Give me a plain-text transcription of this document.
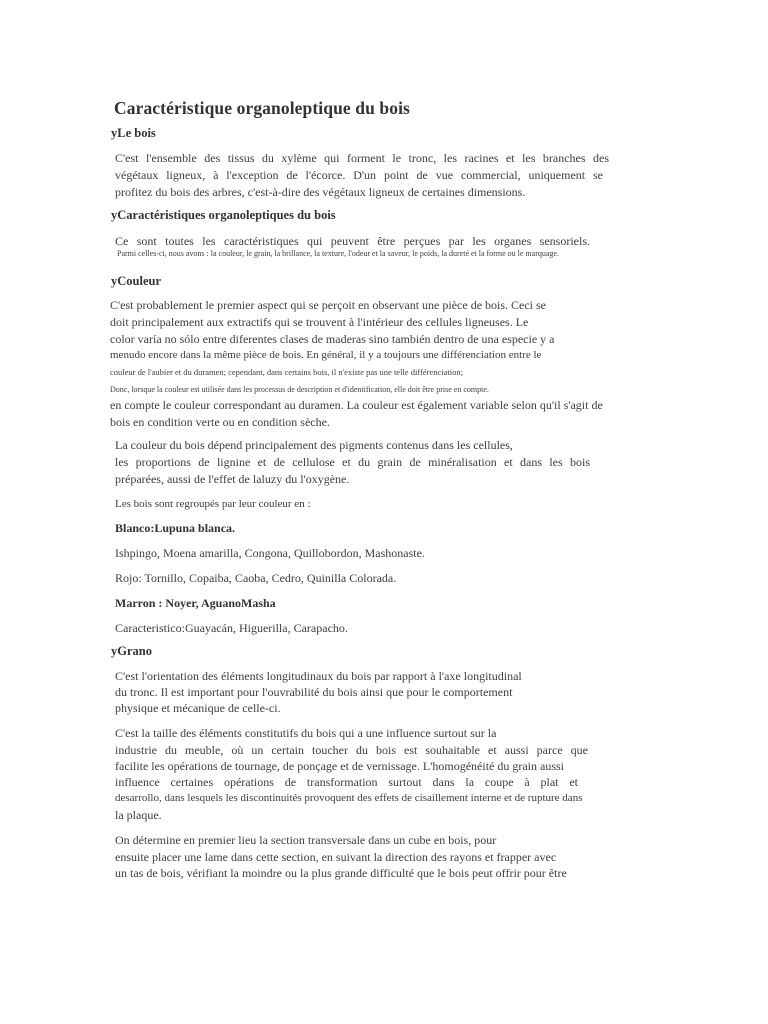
Caractéristique organoleptique du bois
yLe bois
C'est l'ensemble des tissus du xylème qui forment le tronc, les racines et les branches des
végétaux ligneux, à l'exception de l'écorce. D'un point de vue commercial, uniquement se
profitez du bois des arbres, c'est-à-dire des végétaux ligneux de certaines dimensions.
yCaractéristiques organoleptiques du bois
Ce sont toutes les caractéristiques qui peuvent être perçues par les organes sensoriels.
Parmi celles-ci, nous avons : la couleur, le grain, la brillance, la texture, l'odeur et la saveur, le poids, la dureté et la forme ou le marquage.
yCouleur
C'est probablement le premier aspect qui se perçoit en observant une pièce de bois. Ceci se
doit principalement aux extractifs qui se trouvent à l'intérieur des cellules ligneuses. Le
color varía no sólo entre diferentes clases de maderas sino también dentro de una especie y a
menudo encore dans la même pièce de bois. En général, il y a toujours une différenciation entre le
couleur de l'aubier et du duramen; cependant, dans certains bois, il n'existe pas une telle différenciation;
Donc, lorsque la couleur est utilisée dans les processus de description et d'identification, elle doit être prise en compte.
en compte le couleur correspondant au duramen. La couleur est également variable selon qu'il s'agit de
bois en condition verte ou en condition sèche.
La couleur du bois dépend principalement des pigments contenus dans les cellules,
les proportions de lignine et de cellulose et du grain de minéralisation et dans les bois
préparées, aussi de l'effet de laluzy du l'oxygène.
Les bois sont regroupés par leur couleur en :
Blanco:Lupuna blanca.
Ishpingo, Moena amarilla, Congona, Quillobordon, Mashonaste.
Rojo: Tornillo, Copaiba, Caoba, Cedro, Quinilla Colorada.
Marron : Noyer, AguanoMasha
Caracteristico:Guayacán, Higuerilla, Carapacho.
yGrano
C'est l'orientation des éléments longitudinaux du bois par rapport à l'axe longitudinal
du tronc. Il est important pour l'ouvrabilité du bois ainsi que pour le comportement
physique et mécanique de celle-ci.
C'est la taille des éléments constitutifs du bois qui a une influence surtout sur la
industrie du meuble, où un certain toucher du bois est souhaitable et aussi parce que
facilite les opérations de tournage, de ponçage et de vernissage. L'homogénéité du grain aussi
influence certaines opérations de transformation surtout dans la coupe à plat et
desarrollo, dans lesquels les discontinuités provoquent des effets de cisaillement interne et de rupture dans
la plaque.
On détermine en premier lieu la section transversale dans un cube en bois, pour
ensuite placer une lame dans cette section, en suivant la direction des rayons et frapper avec
un tas de bois, vérifiant la moindre ou la plus grande difficulté que le bois peut offrir pour être
